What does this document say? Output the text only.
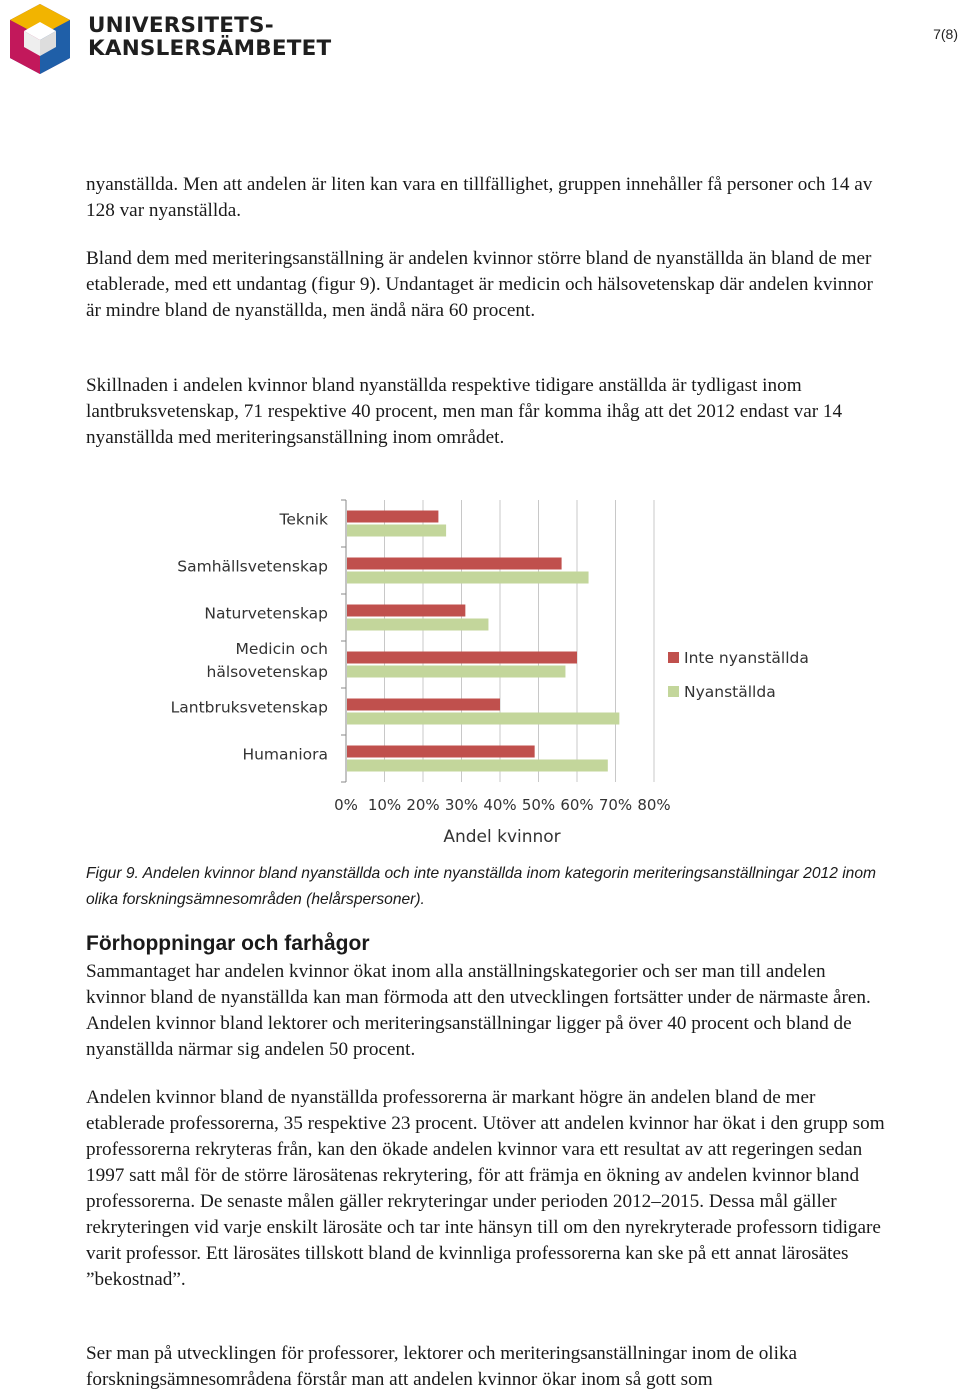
UNIVERSITETS-
KANSLERSÄMBETET
7(8)

nyanställda. Men att andelen är liten kan vara en tillfällighet, gruppen innehåller få personer och 14 av 128 var nyanställda.

Bland dem med meriteringsanställning är andelen kvinnor större bland de nyanställda än bland de mer etablerade, med ett undantag (figur 9). Undantaget är medicin och hälsovetenskap där andelen kvinnor är mindre bland de nyanställda, men ändå nära 60 procent.

Skillnaden i andelen kvinnor bland nyanställda respektive tidigare anställda är tydligast inom lantbruksvetenskap, 71 respektive 40 procent, men man får komma ihåg att det 2012 endast var 14 nyanställda med meriteringsanställning inom området.

0% 10% 20% 30% 40% 50% 60% 70% 80%
Teknik
Samhällsvetenskap
Naturvetenskap
Medicin och
hälsovetenskap
Lantbruksvetenskap
Humaniora
Andel kvinnor
Inte nyanställda
Nyanställda

Figur 9. Andelen kvinnor bland nyanställda och inte nyanställda inom kategorin meriteringsanställningar 2012 inom olika forskningsämnesområden (helårspersoner).

Förhoppningar och farhågor

Sammantaget har andelen kvinnor ökat inom alla anställningskategorier och ser man till andelen kvinnor bland de nyanställda kan man förmoda att den utvecklingen fortsätter under de närmaste åren. Andelen kvinnor bland lektorer och meriteringsanställningar ligger på över 40 procent och bland de nyanställda närmar sig andelen 50 procent.

Andelen kvinnor bland de nyanställda professorerna är markant högre än andelen bland de mer etablerade professorerna, 35 respektive 23 procent. Utöver att andelen kvinnor har ökat i den grupp som professorerna rekryteras från, kan den ökade andelen kvinnor vara ett resultat av att regeringen sedan 1997 satt mål för de större lärosätenas rekrytering, för att främja en ökning av andelen kvinnor bland professorerna. De senaste målen gäller rekryteringar under perioden 2012–2015. Dessa mål gäller rekryteringen vid varje enskilt lärosäte och tar inte hänsyn till om den nyrekryterade professorn tidigare varit professor. Ett lärosätes tillskott bland de kvinnliga professorerna kan ske på ett annat lärosätes ”bekostnad”.

Ser man på utvecklingen för professorer, lektorer och meriteringsanställningar inom de olika forskningsämnesområdena förstår man att andelen kvinnor ökar inom så gott som
